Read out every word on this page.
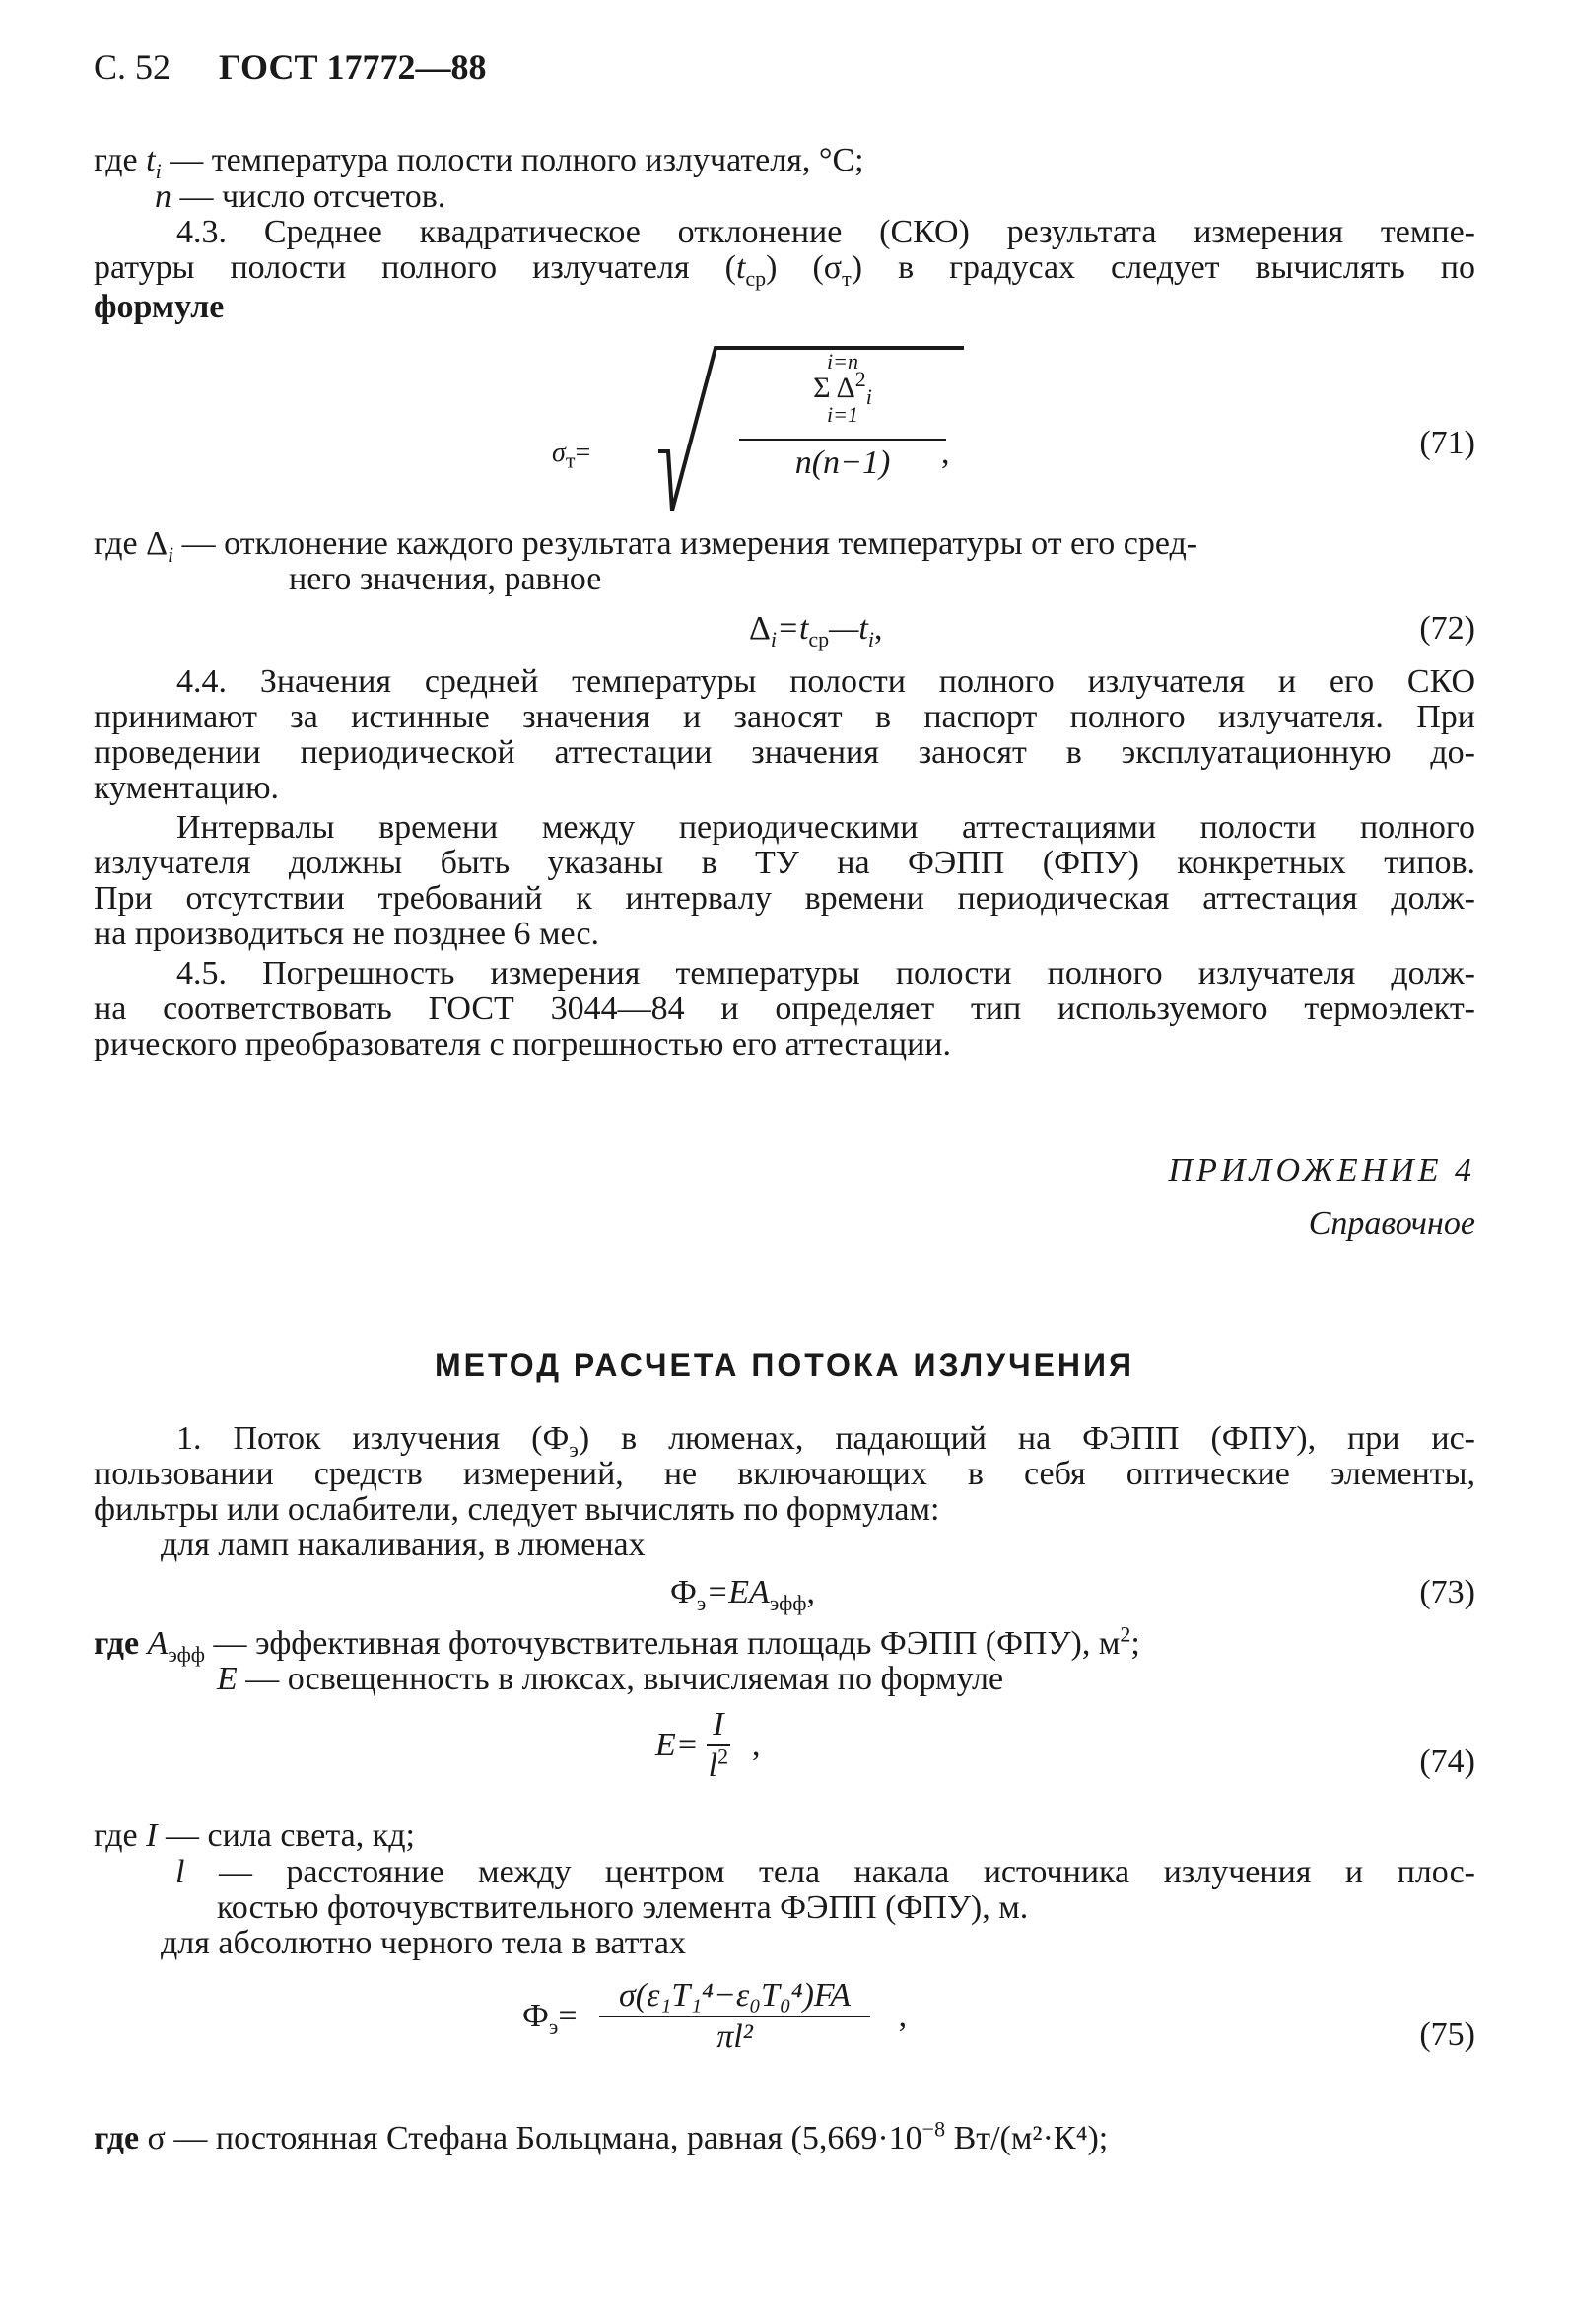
С. 52 ГОСТ 17772—88
где $t_i$ — температура полости полного излучателя, °С;
n — число отсчетов.
4.3. Среднее квадратическое отклонение (СКО) результата измерения темпе-
ратуры полости полного излучателя $(t_{ср})$ $(\sigma_т)$ в градусах следует вычислять по
формуле
$\sigma_т=$
i=n
Σ $\Delta^2_i$
i=1
n(n−1)	,	(71)
где $\Delta_i$ — отклонение каждого результата измерения температуры от его сред-
него значения, равное
$\Delta_i=t_{ср}—t_i$,	(72)
4.4. Значения средней температуры полости полного излучателя и его СКО
принимают за истинные значения и заносят в паспорт полного излучателя. При
проведении периодической аттестации значения заносят в эксплуатационную до-
кументацию.
Интервалы времени между периодическими аттестациями полости полного
излучателя должны быть указаны в ТУ на ФЭПП (ФПУ) конкретных типов.
При отсутствии требований к интервалу времени периодическая аттестация долж-
на производиться не позднее 6 мес.
4.5. Погрешность измерения температуры полости полного излучателя долж-
на соответствовать ГОСТ 3044—84 и определяет тип используемого термоэлект-
рического преобразователя с погрешностью его аттестации.
ПРИЛОЖЕНИЕ 4
Справочное
МЕТОД РАСЧЕТА ПОТОКА ИЗЛУЧЕНИЯ
1. Поток излучения $(Ф_э)$ в люменах, падающий на ФЭПП (ФПУ), при ис-
пользовании средств измерений, не включающих в себя оптические элементы,
фильтры или ослабители, следует вычислять по формулам:
для ламп накаливания, в люменах
$Ф_э=EA_{эфф}$,	(73)
где $A_{эфф}$ — эффективная фоточувствительная площадь ФЭПП (ФПУ), $м^2$;
E — освещенность в люксах, вычисляемая по формуле
$E= \frac{I}{l^2}$ ,	(74)
где I — сила света, кд;
l — расстояние между центром тела накала источника излучения и плос-
костью фоточувствительного элемента ФЭПП (ФПУ), м.
для абсолютно черного тела в ваттах
$Ф_э= \frac{\text{σ(ε₁T₁⁴−ε₀T₀⁴)FA}}{\text{πl²}}$ ,
(75)
где σ — постоянная Стефана Больцмана, равная ($5,669\cdot 10^{-8}$ Вт/(м²·К⁴);
